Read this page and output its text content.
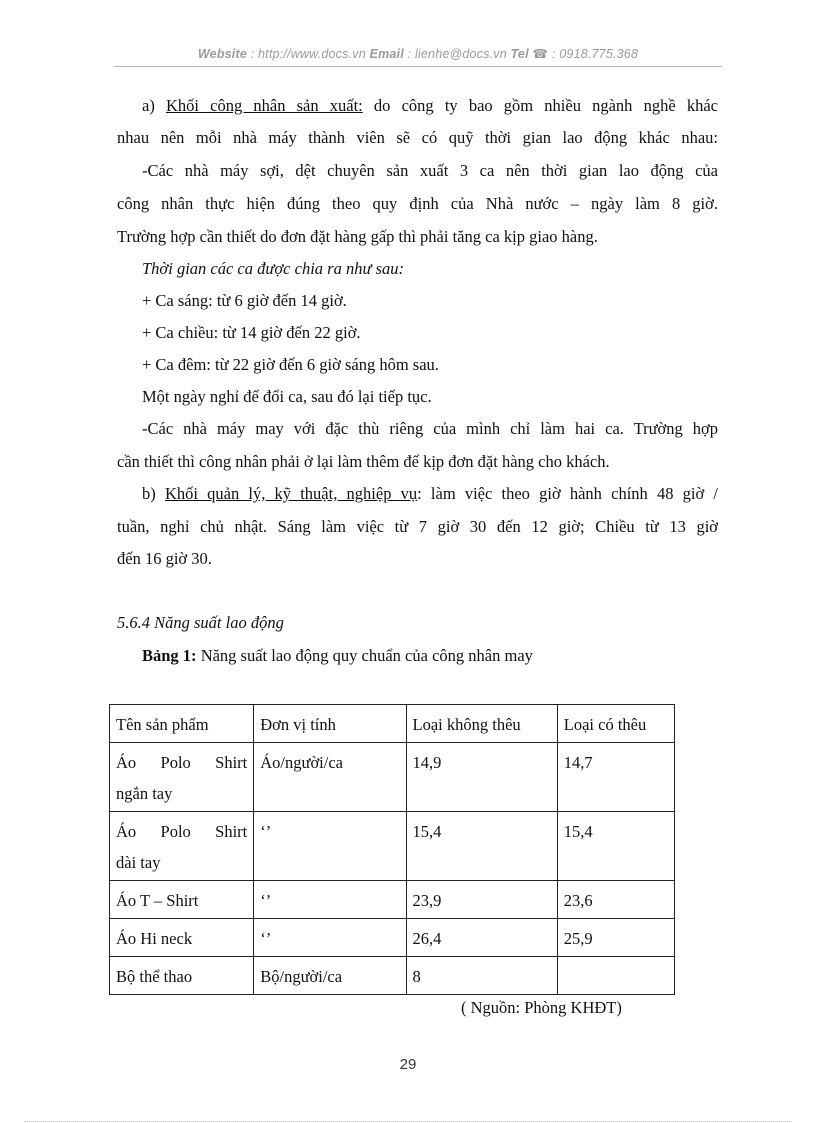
Website : http://www.docs.vn Email : lienhe@docs.vn Tel ☎ : 0918.775.368
a) Khối công nhân sản xuất: do công ty bao gồm nhiều ngành nghề khác
nhau nên mỗi nhà máy thành viên sẽ có quỹ thời gian lao động khác nhau:
-Các nhà máy sợi, dệt chuyên sản xuất 3 ca nên thời gian lao động của
công nhân thực hiện đúng theo quy định của Nhà nước – ngày làm 8 giờ.
Trường hợp cần thiết do đơn đặt hàng gấp thì phải tăng ca kịp giao hàng.
Thời gian các ca được chia ra như sau:
+ Ca sáng: từ 6 giờ đến 14 giờ.
+ Ca chiều: từ 14 giờ đến 22 giờ.
+ Ca đêm: từ 22 giờ đến 6 giờ sáng hôm sau.
Một ngày nghỉ để đổi ca, sau đó lại tiếp tục.
-Các nhà máy may với đặc thù riêng của mình chỉ làm hai ca. Trường hợp
cần thiết thì công nhân phải ở lại làm thêm để kịp đơn đặt hàng cho khách.
b) Khối quản lý, kỹ thuật, nghiệp vụ: làm việc theo giờ hành chính 48 giờ /
tuần, nghỉ chủ nhật. Sáng làm việc từ 7 giờ 30 đến 12 giờ; Chiều từ 13 giờ
đến 16 giờ 30.
5.6.4 Năng suất lao động
Bảng 1: Năng suất lao động quy chuẩn của công nhân may
Tên sản phẩm	Đơn vị tính	Loại không thêu	Loại có thêu

Áo Polo Shirt
ngắn tay	Áo/người/ca	14,9	14,7

Áo Polo Shirt
dài tay	‘’	15,4	15,4
Áo T – Shirt	‘’	23,9	23,6
Áo Hi neck	‘’	26,4	25,9
Bộ thể thao	Bộ/người/ca	8	
( Nguồn: Phòng KHĐT)
29
